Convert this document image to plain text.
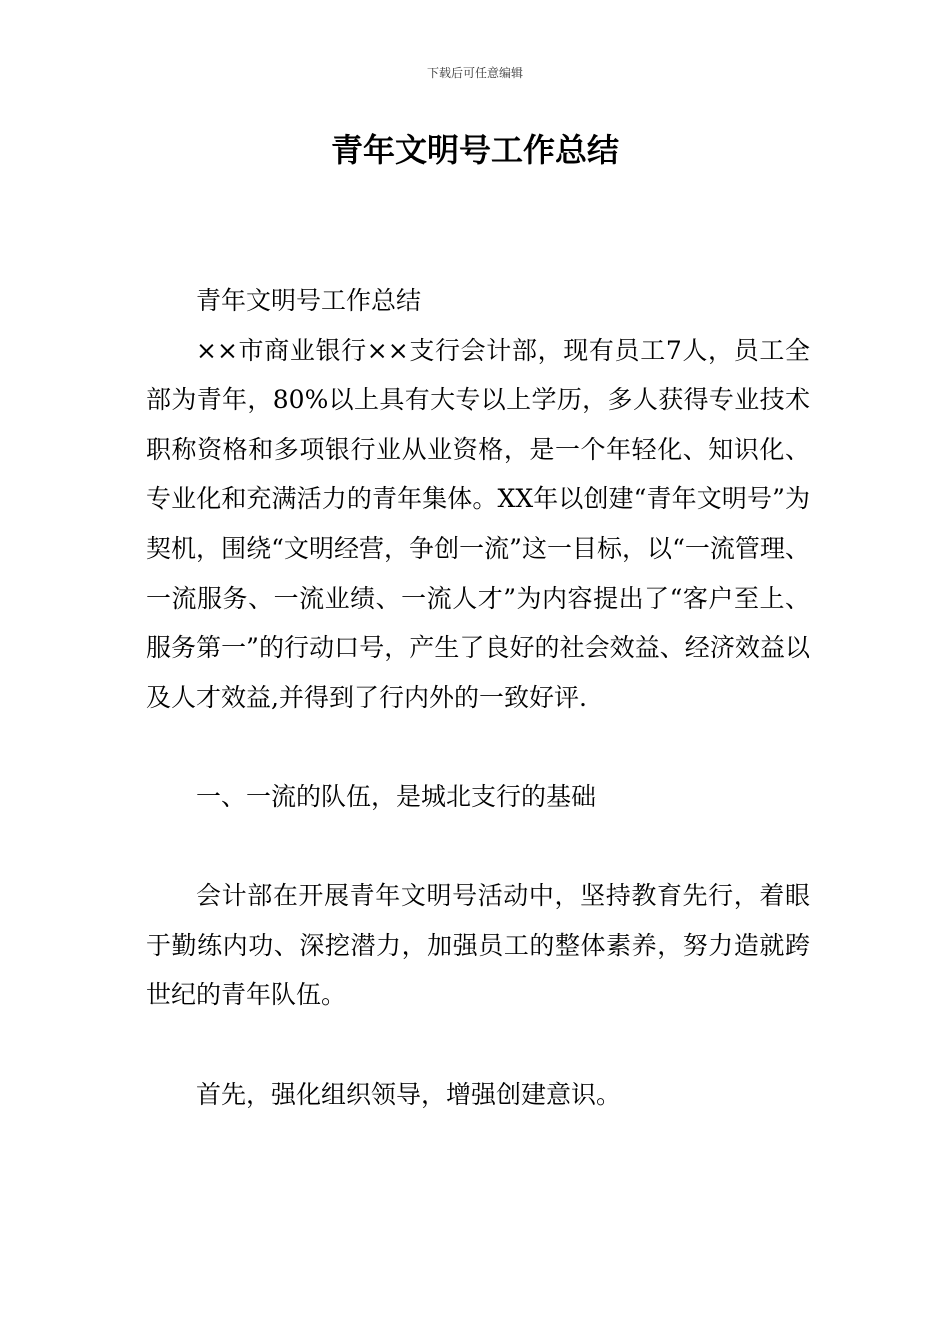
下载后可任意编辑
青年文明号工作总结

青年文明号工作总结

××市商业银行××支行会计部，现有员工7人，员工全部为青年，80%以上具有大专以上学历，多人获得专业技术职称资格和多项银行业从业资格，是一个年轻化、知识化、专业化和充满活力的青年集体。XX年以创建“青年文明号”为契机，围绕“文明经营，争创一流”这一目标，以“一流管理、一流服务、一流业绩、一流人才”为内容提出了“客户至上、服务第一”的行动口号，产生了良好的社会效益、经济效益以及人才效益,并得到了行内外的一致好评.

一、一流的队伍，是城北支行的基础

会计部在开展青年文明号活动中，坚持教育先行，着眼于勤练内功、深挖潜力，加强员工的整体素养，努力造就跨世纪的青年队伍。

首先，强化组织领导，增强创建意识。
